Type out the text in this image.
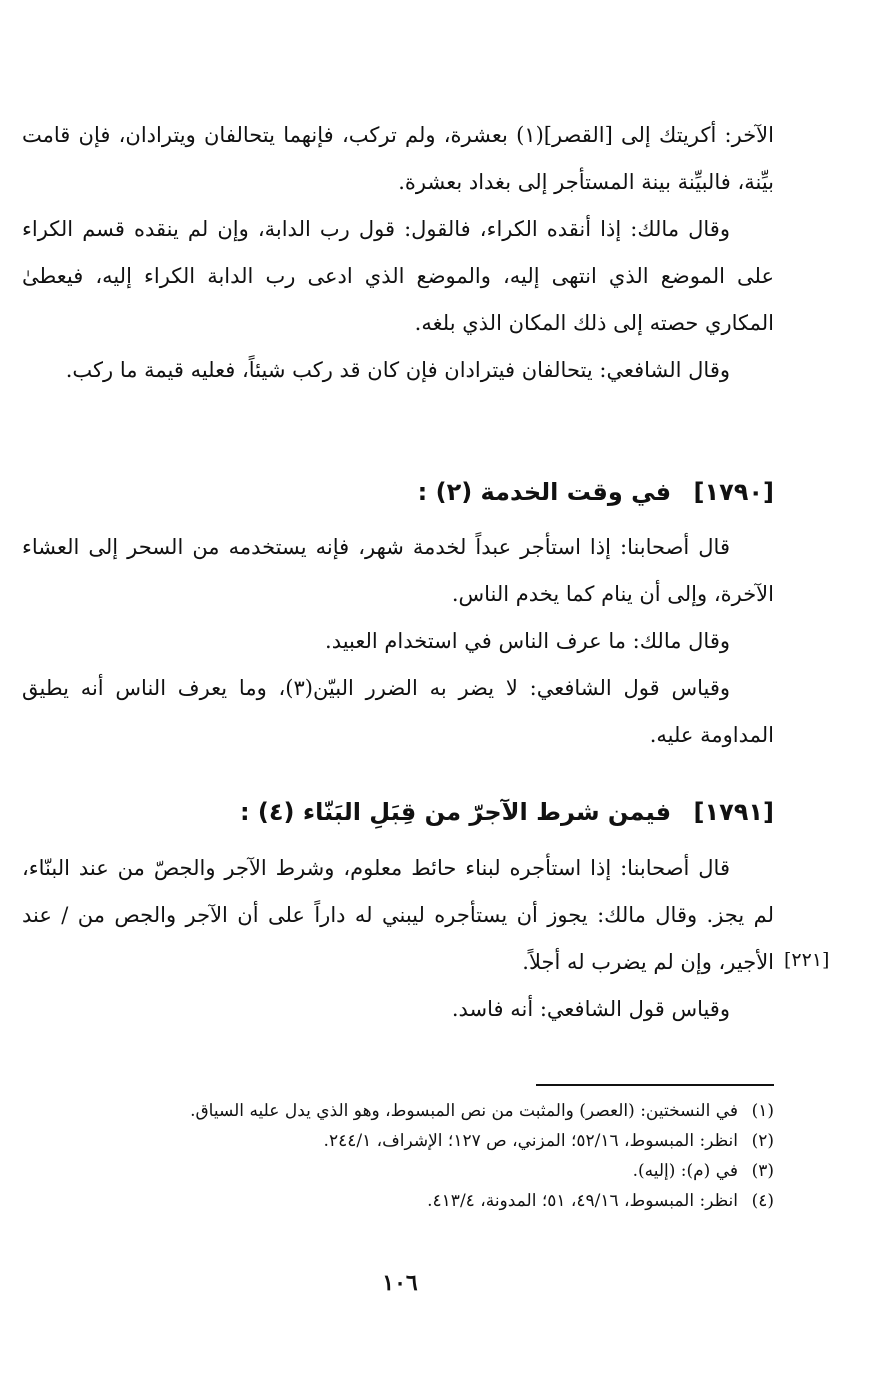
الآخر: أكريتك إلى [القصر](١) بعشرة، ولم تركب، فإنهما يتحالفان ويترادان، فإن قامت بيِّنة، فالبيِّنة بينة المستأجر إلى بغداد بعشرة.

وقال مالك: إذا أنقده الكراء، فالقول: قول رب الدابة، وإن لم ينقده قسم الكراء على الموضع الذي انتهى إليه، والموضع الذي ادعى رب الدابة الكراء إليه، فيعطىٰ المكاري حصته إلى ذلك المكان الذي بلغه.

وقال الشافعي: يتحالفان فيترادان فإن كان قد ركب شيئاً، فعليه قيمة ما ركب.

[١٧٩٠] في وقت الخدمة (٢) :

قال أصحابنا: إذا استأجر عبداً لخدمة شهر، فإنه يستخدمه من السحر إلى العشاء الآخرة، وإلى أن ينام كما يخدم الناس.

وقال مالك: ما عرف الناس في استخدام العبيد.

وقياس قول الشافعي: لا يضر به الضرر البيّن(٣)، وما يعرف الناس أنه يطيق المداومة عليه.

[١٧٩١] فيمن شرط الآجرّ من قِبَلِ البَنّاء (٤) :

قال أصحابنا: إذا استأجره لبناء حائط معلوم، وشرط الآجر والجصّ من عند البنّاء، لم يجز. وقال مالك: يجوز أن يستأجره ليبني له داراً على أن الآجر والجص من / عند الأجير، وإن لم يضرب له أجلاً.

وقياس قول الشافعي: أنه فاسد.

[٢٢١]

(١)في النسختين: (العصر) والمثبت من نص المبسوط، وهو الذي يدل عليه السياق.

(٢)انظر: المبسوط، ٥٢/١٦؛ المزني، ص ١٢٧؛ الإشراف، ٢٤٤/١.

(٣)في (م): (إليه).

(٤)انظر: المبسوط، ٤٩/١٦، ٥١؛ المدونة، ٤١٣/٤.

١٠٦
